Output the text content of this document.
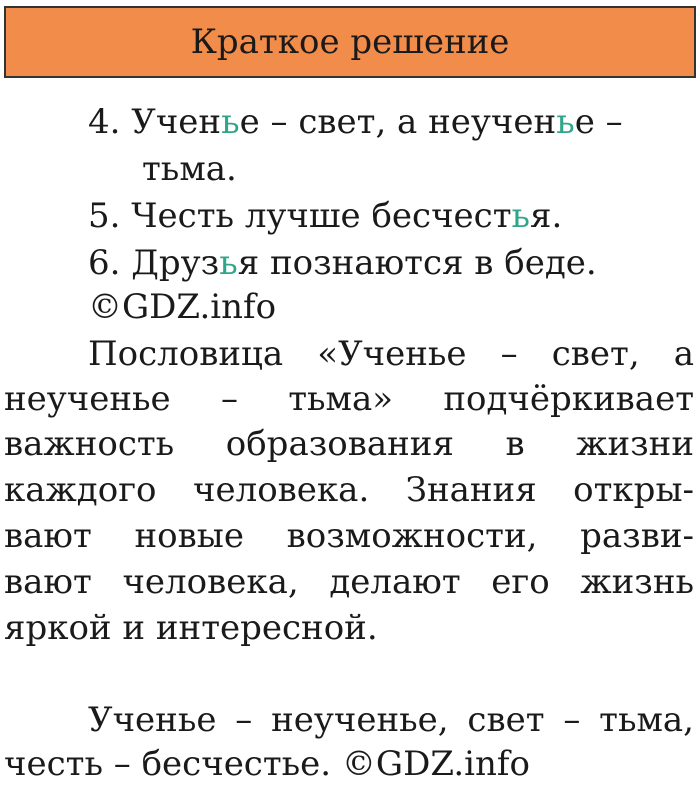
Краткое решение
4. Ученье – свет, а неученье –
тьма.
5. Честь лучше бесчестья.
6. Друзья познаются в беде.
©GDZ.info
Пословица «Ученье – свет, а
неученье – тьма» подчёркивает
важность образования в жизни
каждого человека. Знания откры-
вают новые возможности, разви-
вают человека, делают его жизнь
яркой и интересной.
Ученье – неученье, свет – тьма,
честь – бесчестье. ©GDZ.info
